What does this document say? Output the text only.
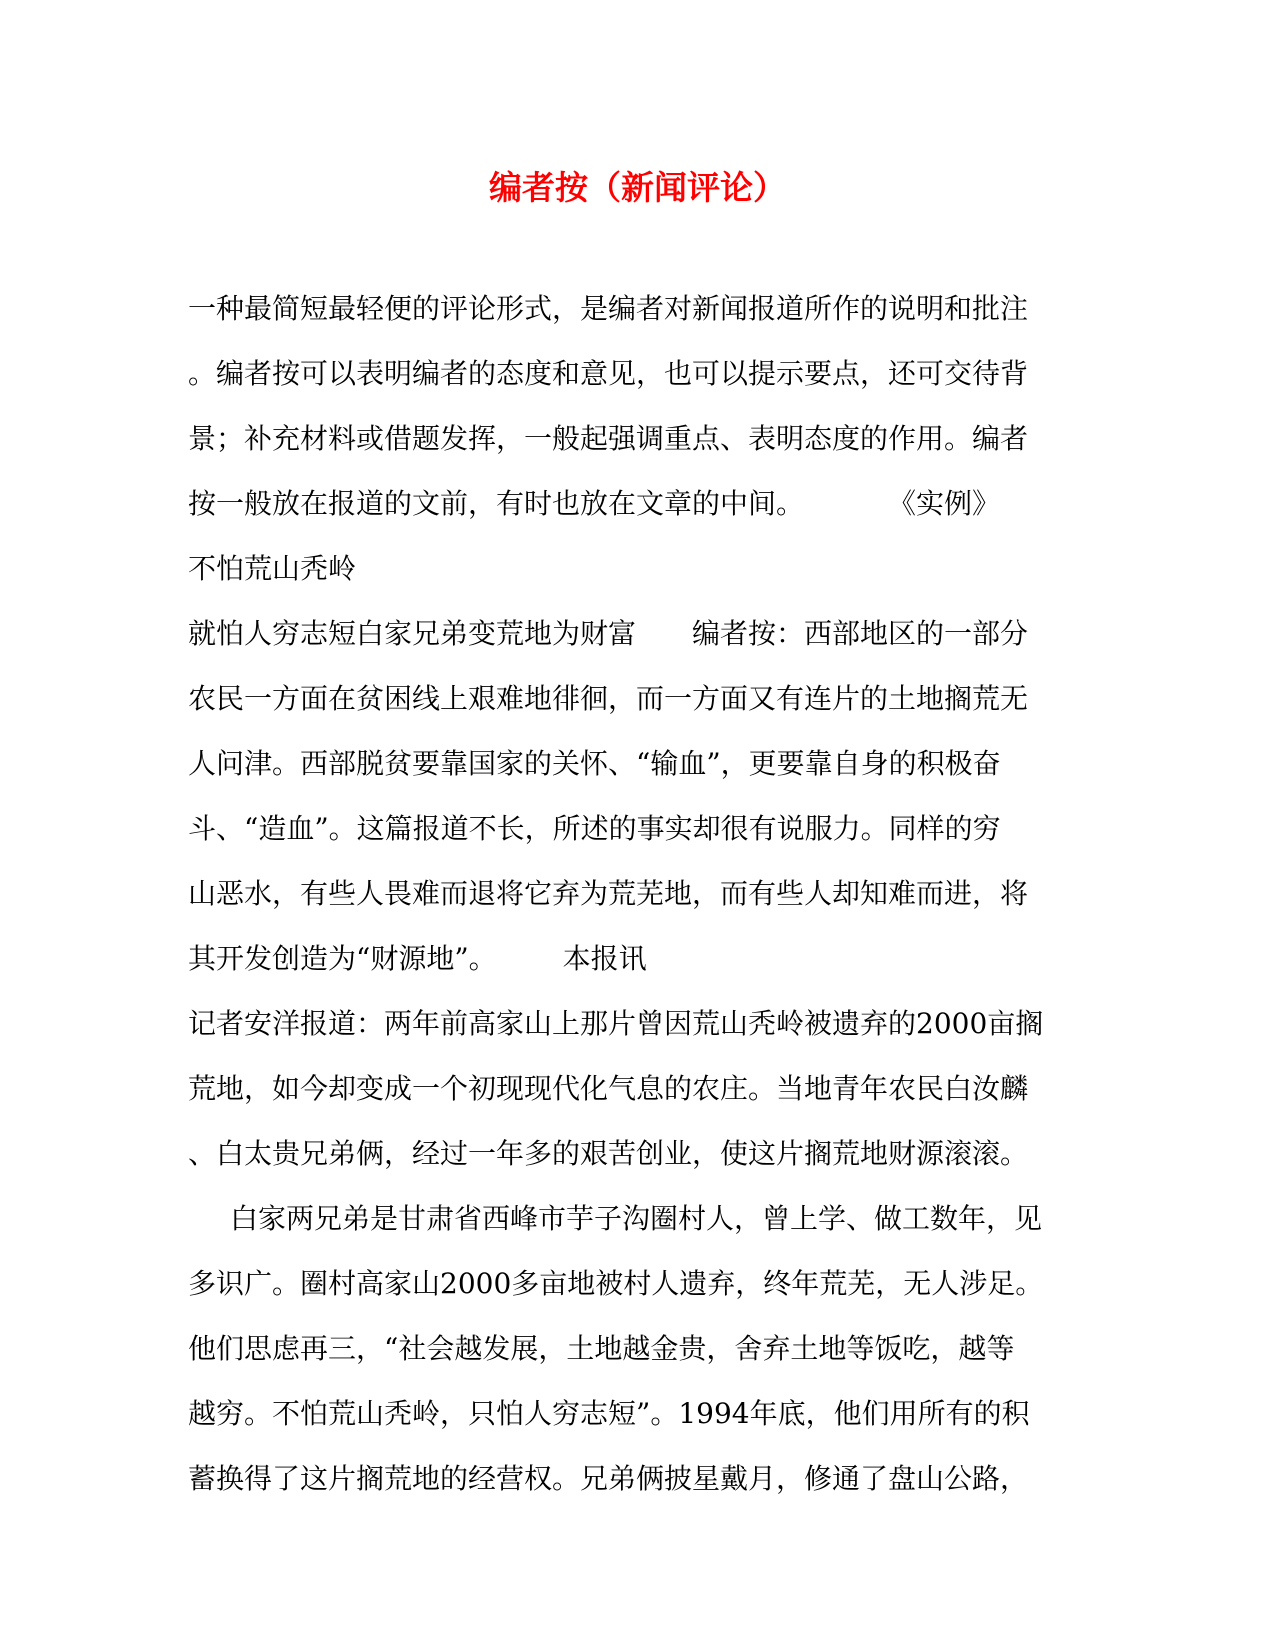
编者按（新闻评论）
一种最简短最轻便的评论形式，是编者对新闻报道所作的说明和批注
。编者按可以表明编者的态度和意见，也可以提示要点，还可交待背
景；补充材料或借题发挥，一般起强调重点、表明态度的作用。编者
按一般放在报道的文前，有时也放在文章的中间。	《实例》
不怕荒山秃岭
就怕人穷志短白家兄弟变荒地为财富 编者按：西部地区的一部分
农民一方面在贫困线上艰难地徘徊，而一方面又有连片的土地搁荒无
人问津。西部脱贫要靠国家的关怀、“输血”，更要靠自身的积极奋
斗、“造血”。这篇报道不长，所述的事实却很有说服力。同样的穷
山恶水，有些人畏难而退将它弃为荒芜地，而有些人却知难而进，将
其开发创造为“财源地”。 本报讯
记者安洋报道：两年前高家山上那片曾因荒山秃岭被遗弃的2000亩搁
荒地，如今却变成一个初现现代化气息的农庄。当地青年农民白汝麟
、白太贵兄弟俩，经过一年多的艰苦创业，使这片搁荒地财源滚滚。
白家两兄弟是甘肃省西峰市芋子沟圈村人，曾上学、做工数年，见
多识广。圈村高家山2000多亩地被村人遗弃，终年荒芜，无人涉足。
他们思虑再三，“社会越发展，土地越金贵，舍弃土地等饭吃，越等
越穷。不怕荒山秃岭，只怕人穷志短”。1994年底，他们用所有的积
蓄换得了这片搁荒地的经营权。兄弟俩披星戴月，修通了盘山公路，
